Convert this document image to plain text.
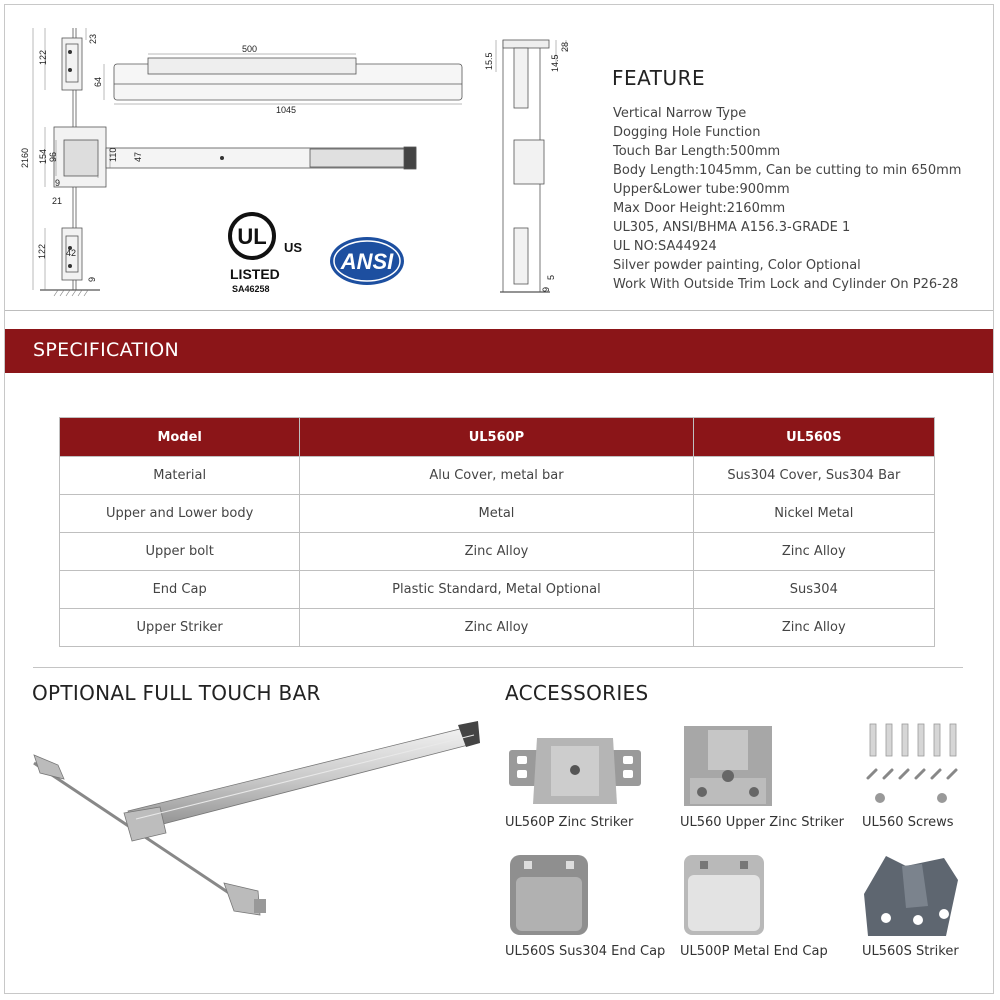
500
1045
64
122
23
2160 154 96
9
21
110 47
122 42
9
15.5	14.5
28
9
5
UL US
LISTED
SA46258
ANSI
FEATURE
Vertical Narrow Type
Dogging Hole Function
Touch Bar Length:500mm
Body Length:1045mm, Can be cutting to min 650mm
Upper&Lower tube:900mm
Max Door Height:2160mm
UL305, ANSI/BHMA A156.3-GRADE 1
UL NO:SA44924
Silver powder painting, Color Optional
Work With Outside Trim Lock and Cylinder On P26-28
SPECIFICATION
Model	UL560P	UL560S
Material	Alu Cover, metal bar	Sus304 Cover, Sus304 Bar
Upper and Lower body	Metal	Nickel Metal
Upper bolt	Zinc Alloy	Zinc Alloy
End Cap	Plastic Standard, Metal Optional	Sus304
Upper Striker	Zinc Alloy	Zinc Alloy
OPTIONAL FULL TOUCH BAR	ACCESSORIES
UL560P Zinc Striker	UL560 Upper Zinc Striker UL560 Screws
UL560S Sus304 End Cap UL500P Metal End Cap	UL560S Striker
